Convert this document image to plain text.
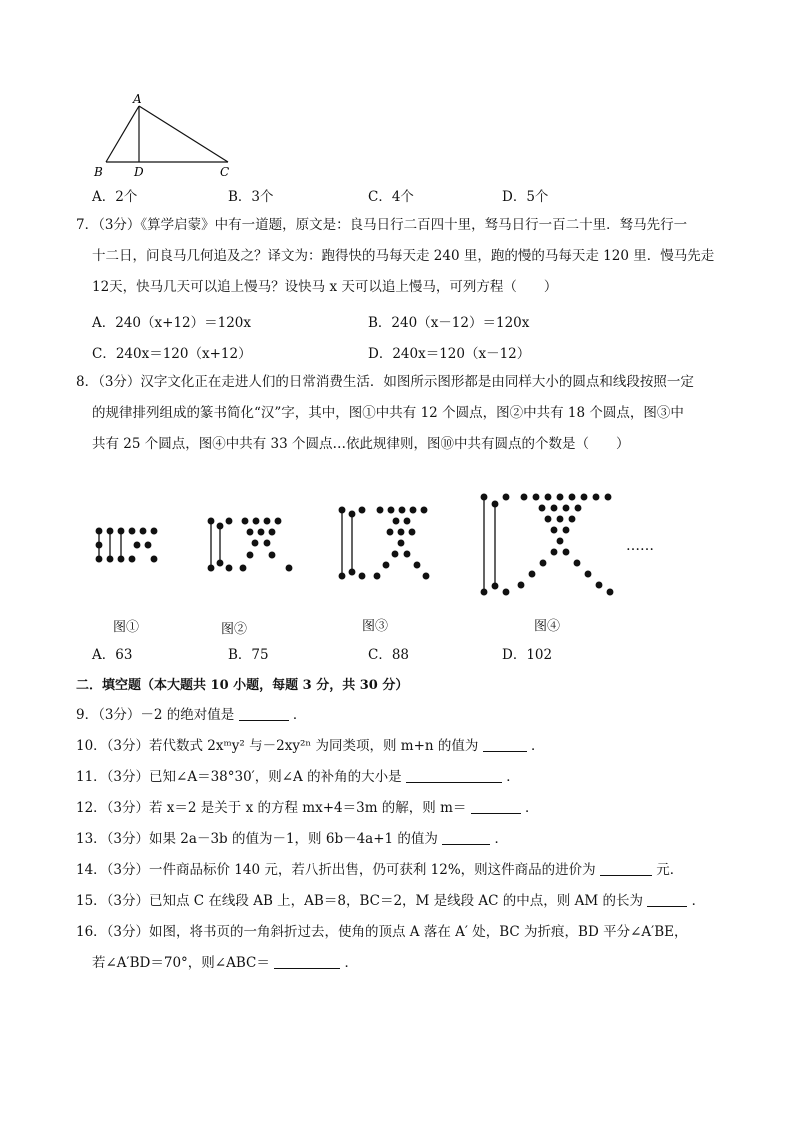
A
B	D	C
A．2个	B．3个	C．4个	D．5个
7．（3分）《算学启蒙》中有一道题，原文是：良马日行二百四十里，驽马日行一百二十里．驽马先行一
十二日，问良马几何追及之？译文为：跑得快的马每天走 240 里，跑的慢的马每天走 120 里．慢马先走
12天，快马几天可以追上慢马？设快马 x 天可以追上慢马，可列方程（　　）
A．240（x+12）＝120x	B．240（x－12）＝120x
C．240x＝120（x+12）	D．240x＝120（x－12）
8．（3分）汉字文化正在走进人们的日常消费生活．如图所示图形都是由同样大小的圆点和线段按照一定
的规律排列组成的篆书简化“汉”字，其中，图①中共有 12 个圆点，图②中共有 18 个圆点，图③中
共有 25 个圆点，图④中共有 33 个圆点…依此规律则，图⑩中共有圆点的个数是（　　）
……
图①	图②	图③	图④
A．63	B．75	C．88	D．102
二．填空题（本大题共 10 小题，每题 3 分，共 30 分）
9．（3分）－2 的绝对值是	．
10．（3分）若代数式 2xᵐy² 与－2xy²ⁿ 为同类项，则 m+n 的值为	．
11．（3分）已知∠A＝38°30′，则∠A 的补角的大小是	．
12．（3分）若 x＝2 是关于 x 的方程 mx+4＝3m 的解，则 m＝	．
13．（3分）如果 2a－3b 的值为－1，则 6b－4a+1 的值为	．
14．（3分）一件商品标价 140 元，若八折出售，仍可获利 12%，则这件商品的进价为	元．
15．（3分）已知点 C 在线段 AB 上，AB＝8，BC＝2，M 是线段 AC 的中点，则 AM 的长为	．
16．（3分）如图，将书页的一角斜折过去，使角的顶点 A 落在 A′ 处，BC 为折痕，BD 平分∠A′BE，
若∠A′BD＝70°，则∠ABC＝	．
